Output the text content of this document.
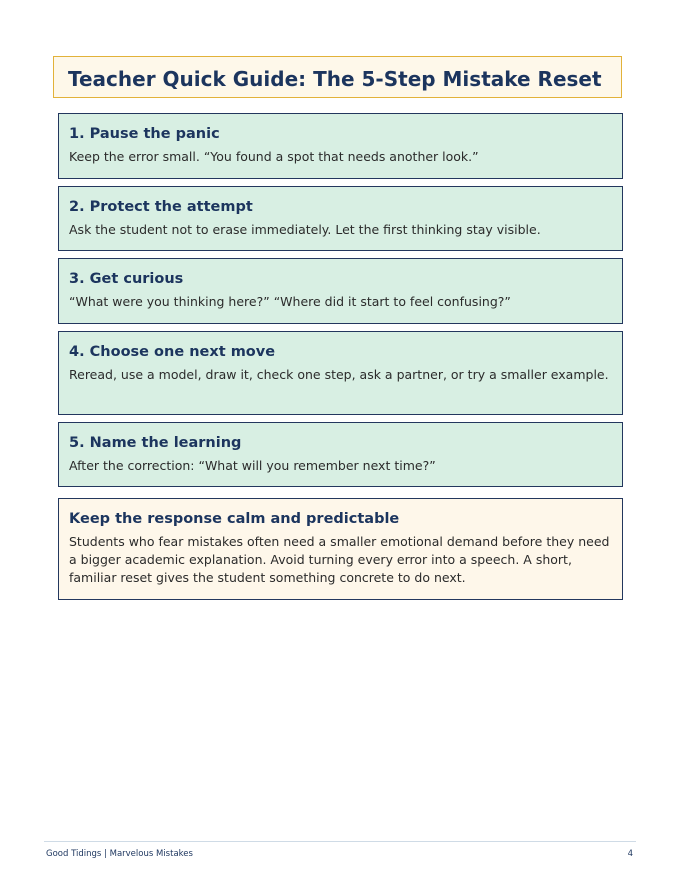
Teacher Quick Guide: The 5-Step Mistake Reset
1. Pause the panic

Keep the error small. “You found a spot that needs another look.”

2. Protect the attempt

Ask the student not to erase immediately. Let the first thinking stay visible.

3. Get curious

“What were you thinking here?” “Where did it start to feel confusing?”

4. Choose one next move

Reread, use a model, draw it, check one step, ask a partner, or try a smaller example.

5. Name the learning

After the correction: “What will you remember next time?”

Keep the response calm and predictable

Students who fear mistakes often need a smaller emotional demand before they need a bigger academic explanation. Avoid turning every error into a speech. A short, familiar reset gives the student something concrete to do next.

Good Tidings | Marvelous Mistakes	4
